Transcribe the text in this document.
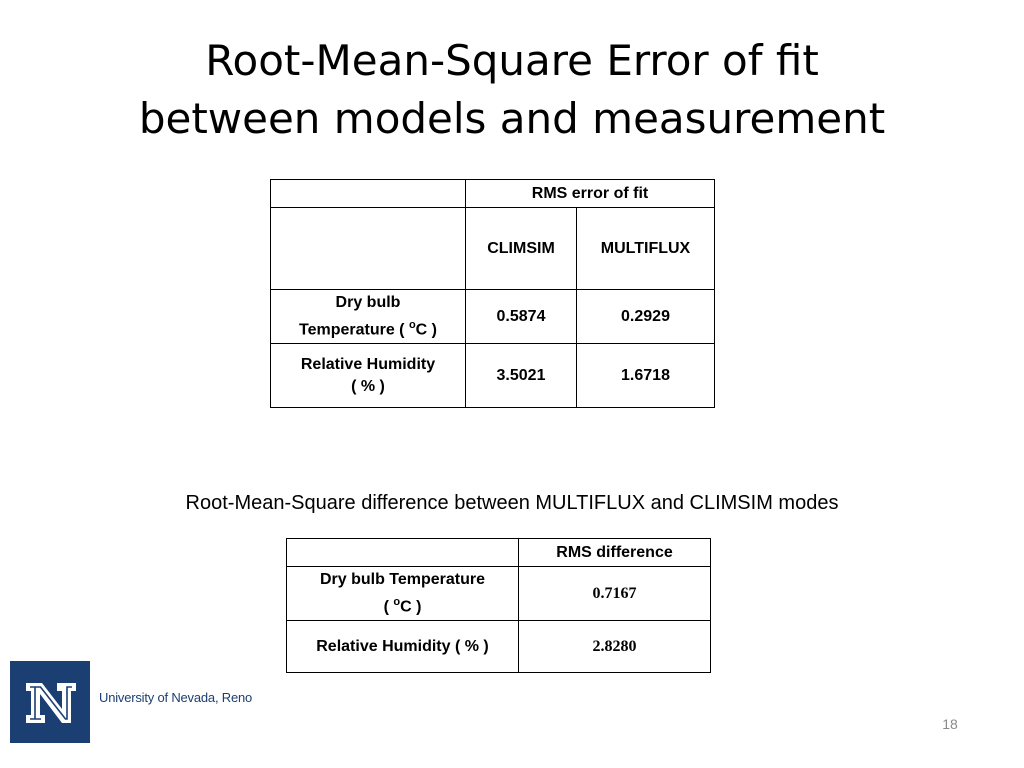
Root-Mean-Square Error of fit
between models and measurement
	RMS error of fit	
	CLIMSIM	MULTIFLUX
Dry bulb
Temperature ( $^o$C )	0.5874	0.2929
Relative Humidity
( % )	3.5021	1.6718
Root-Mean-Square difference between MULTIFLUX and CLIMSIM modes
	RMS difference
Dry bulb Temperature
( $^o$C )	0.7167
Relative Humidity ( % )	2.8280
University of Nevada, Reno
18
